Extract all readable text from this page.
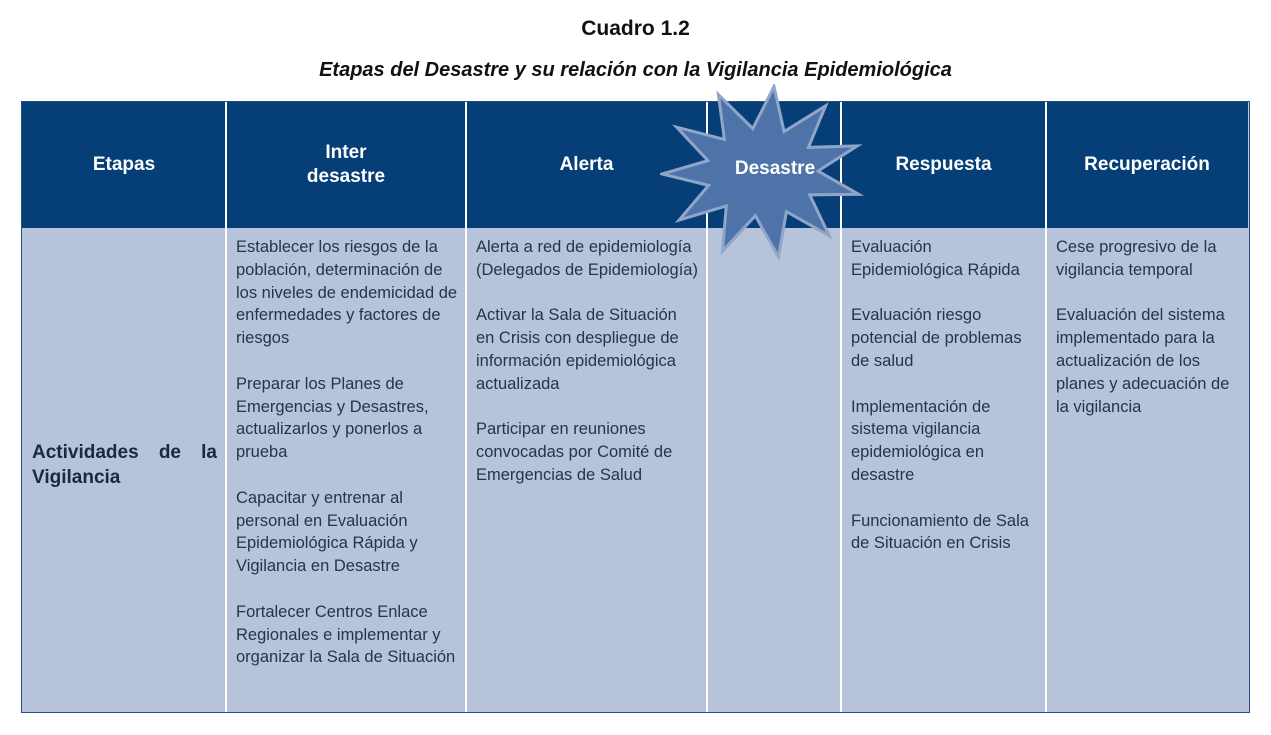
Cuadro 1.2
Etapas del Desastre y su relación con la Vigilancia Epidemiológica
Etapas
Inter
desastre
Alerta	Respuesta	Recuperación
Actividades de la Vigilancia

Establecer los riesgos de la población, determinación de los niveles de endemicidad de enfermedades y factores de riesgos

Preparar los Planes de Emergencias y Desastres, actualizarlos y ponerlos a prueba

Capacitar y entrenar al personal en Evaluación Epidemiológica Rápida y Vigilancia en Desastre

Fortalecer Centros Enlace Regionales e implementar y organizar la Sala de Situación

Alerta a red de epidemiología (Delegados de Epidemiología)

Activar la Sala de Situación en Crisis con despliegue de información epidemiológica actualizada

Participar en reuniones convocadas por Comité de Emergencias de Salud

Evaluación Epidemiológica Rápida

Evaluación riesgo potencial de problemas de salud

Implementación de sistema vigilancia epidemiológica en desastre

Funcionamiento de Sala de Situación en Crisis

Cese progresivo de la vigilancia temporal

Evaluación del sistema implementado para la actualización de los planes y adecuación de la vigilancia

Desastre
